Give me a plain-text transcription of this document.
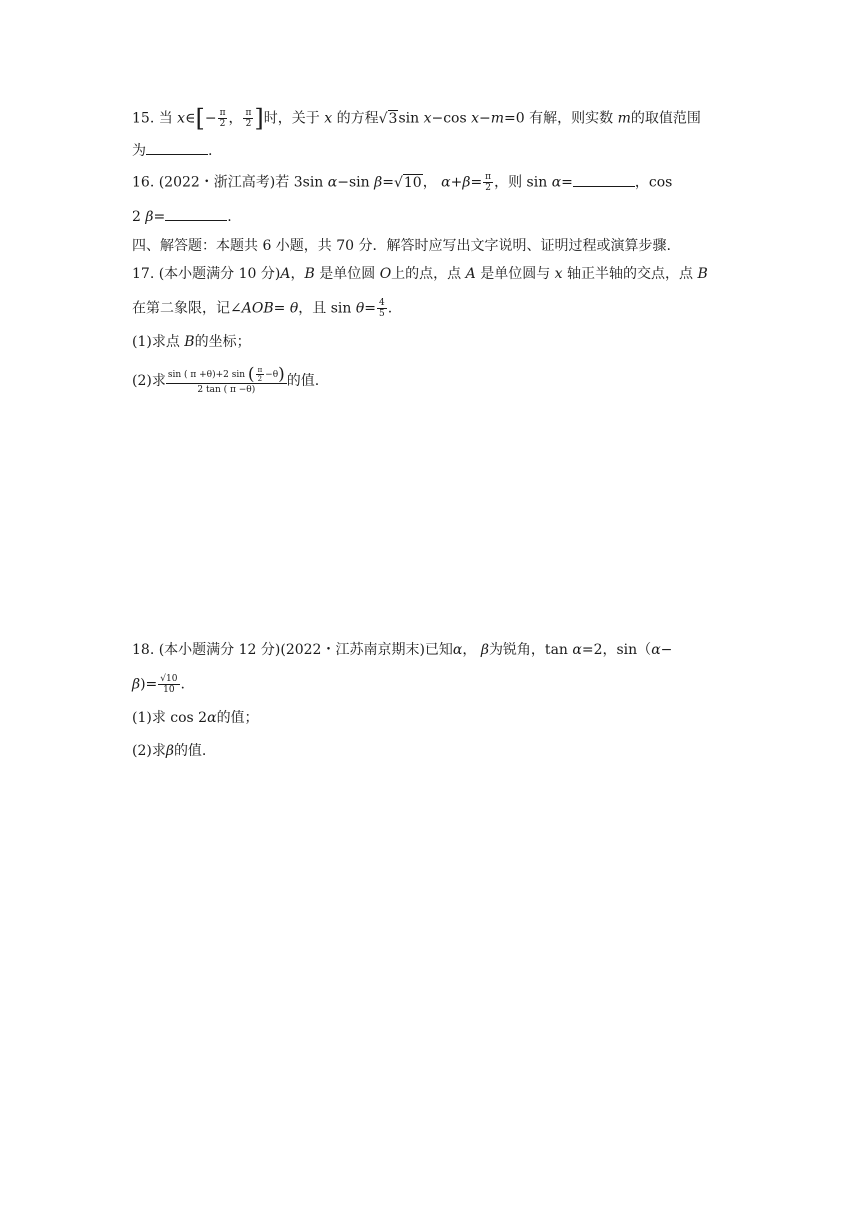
15. 当 x∈[− $\frac{\pi}{2}$ ， $\frac{\pi}{2}$ ]时，关于 x 的方程√3sin x−cos x−m=0 有解，则实数 m的取值范围
为	.
16. (2022・浙江高考)若 3sin α−sin β=√10， $\alpha+\beta= \frac{\pi}{2}$ ，则 sin α=	，cos
2 β=	.
四、解答题：本题共 6 小题，共 70 分．解答时应写出文字说明、证明过程或演算步骤.
17. (本小题满分 10 分)A，B 是单位圆 O上的点，点 A 是单位圆与 x 轴正半轴的交点，点 B
在第二象限，记∠AOB= θ，且 $\sin \theta= \frac{4}{5}$ .
(1)求点 B的坐标；
(2)求 $\frac{\sin ( \pi +\theta)+2 \sin ( \frac{\pi}{2} -\theta)}{2 \tan ( \pi -\theta)}$ 的值.
18. (本小题满分 12 分)(2022・江苏南京期末)已知α， β为锐角，tan α=2，sin（α−
$\beta)= \frac{√10}{10}$ .
(1)求 cos 2α的值；
(2)求β的值.
